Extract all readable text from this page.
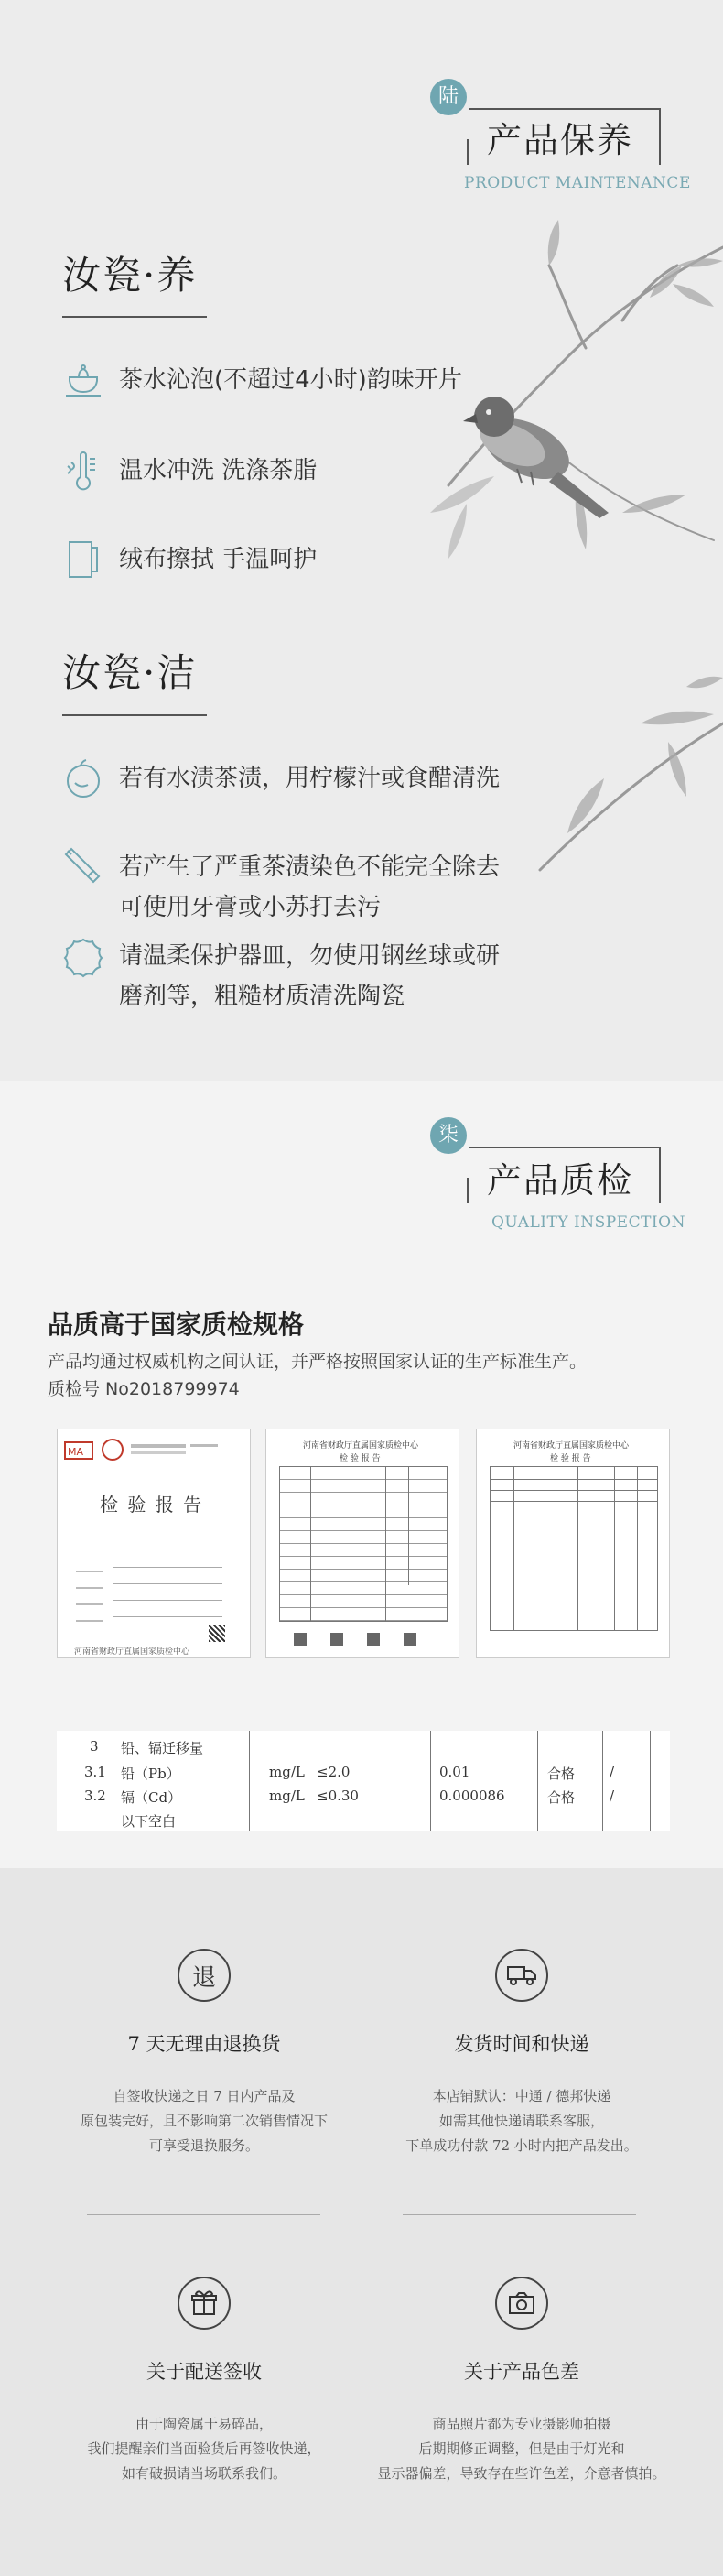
陆
产品保养
PRODUCT MAINTENANCE
汝瓷·养
茶水沁泡(不超过4小时)韵味开片
温水冲洗 洗涤茶脂
绒布擦拭 手温呵护
汝瓷·洁
若有水渍茶渍，用柠檬汁或食醋清洗
若产生了严重茶渍染色不能完全除去
可使用牙膏或小苏打去污
请温柔保护器皿，勿使用钢丝球或研
磨剂等，粗糙材质清洗陶瓷
柒
产品质检
QUALITY INSPECTION
品质高于国家质检规格
产品均通过权威机构之间认证，并严格按照国家认证的生产标准生产。
质检号 No2018799974
MA
检 验 报 告
河南省财政厅直属国家质检中心
河南省财政厅直属国家质检中心
检 验 报 告
河南省财政厅直属国家质检中心
检 验 报 告
3 铅、镉迁移量
3.1 铅（Pb）	mg/L ≤2.0	0.01	合格	/
3.2 镉（Cd）	mg/L ≤0.30	0.000086	合格	/
以下空白
退
7 天无理由退换货
自签收快递之日 7 日内产品及
原包装完好，且不影响第二次销售情况下
可享受退换服务。
发货时间和快递
本店铺默认：中通 / 德邦快递
如需其他快递请联系客服，
下单成功付款 72 小时内把产品发出。
关于配送签收
由于陶瓷属于易碎品，
我们提醒亲们当面验货后再签收快递，
如有破损请当场联系我们。
关于产品色差
商品照片都为专业摄影师拍摄
后期期修正调整，但是由于灯光和
显示器偏差，导致存在些许色差，介意者慎拍。
